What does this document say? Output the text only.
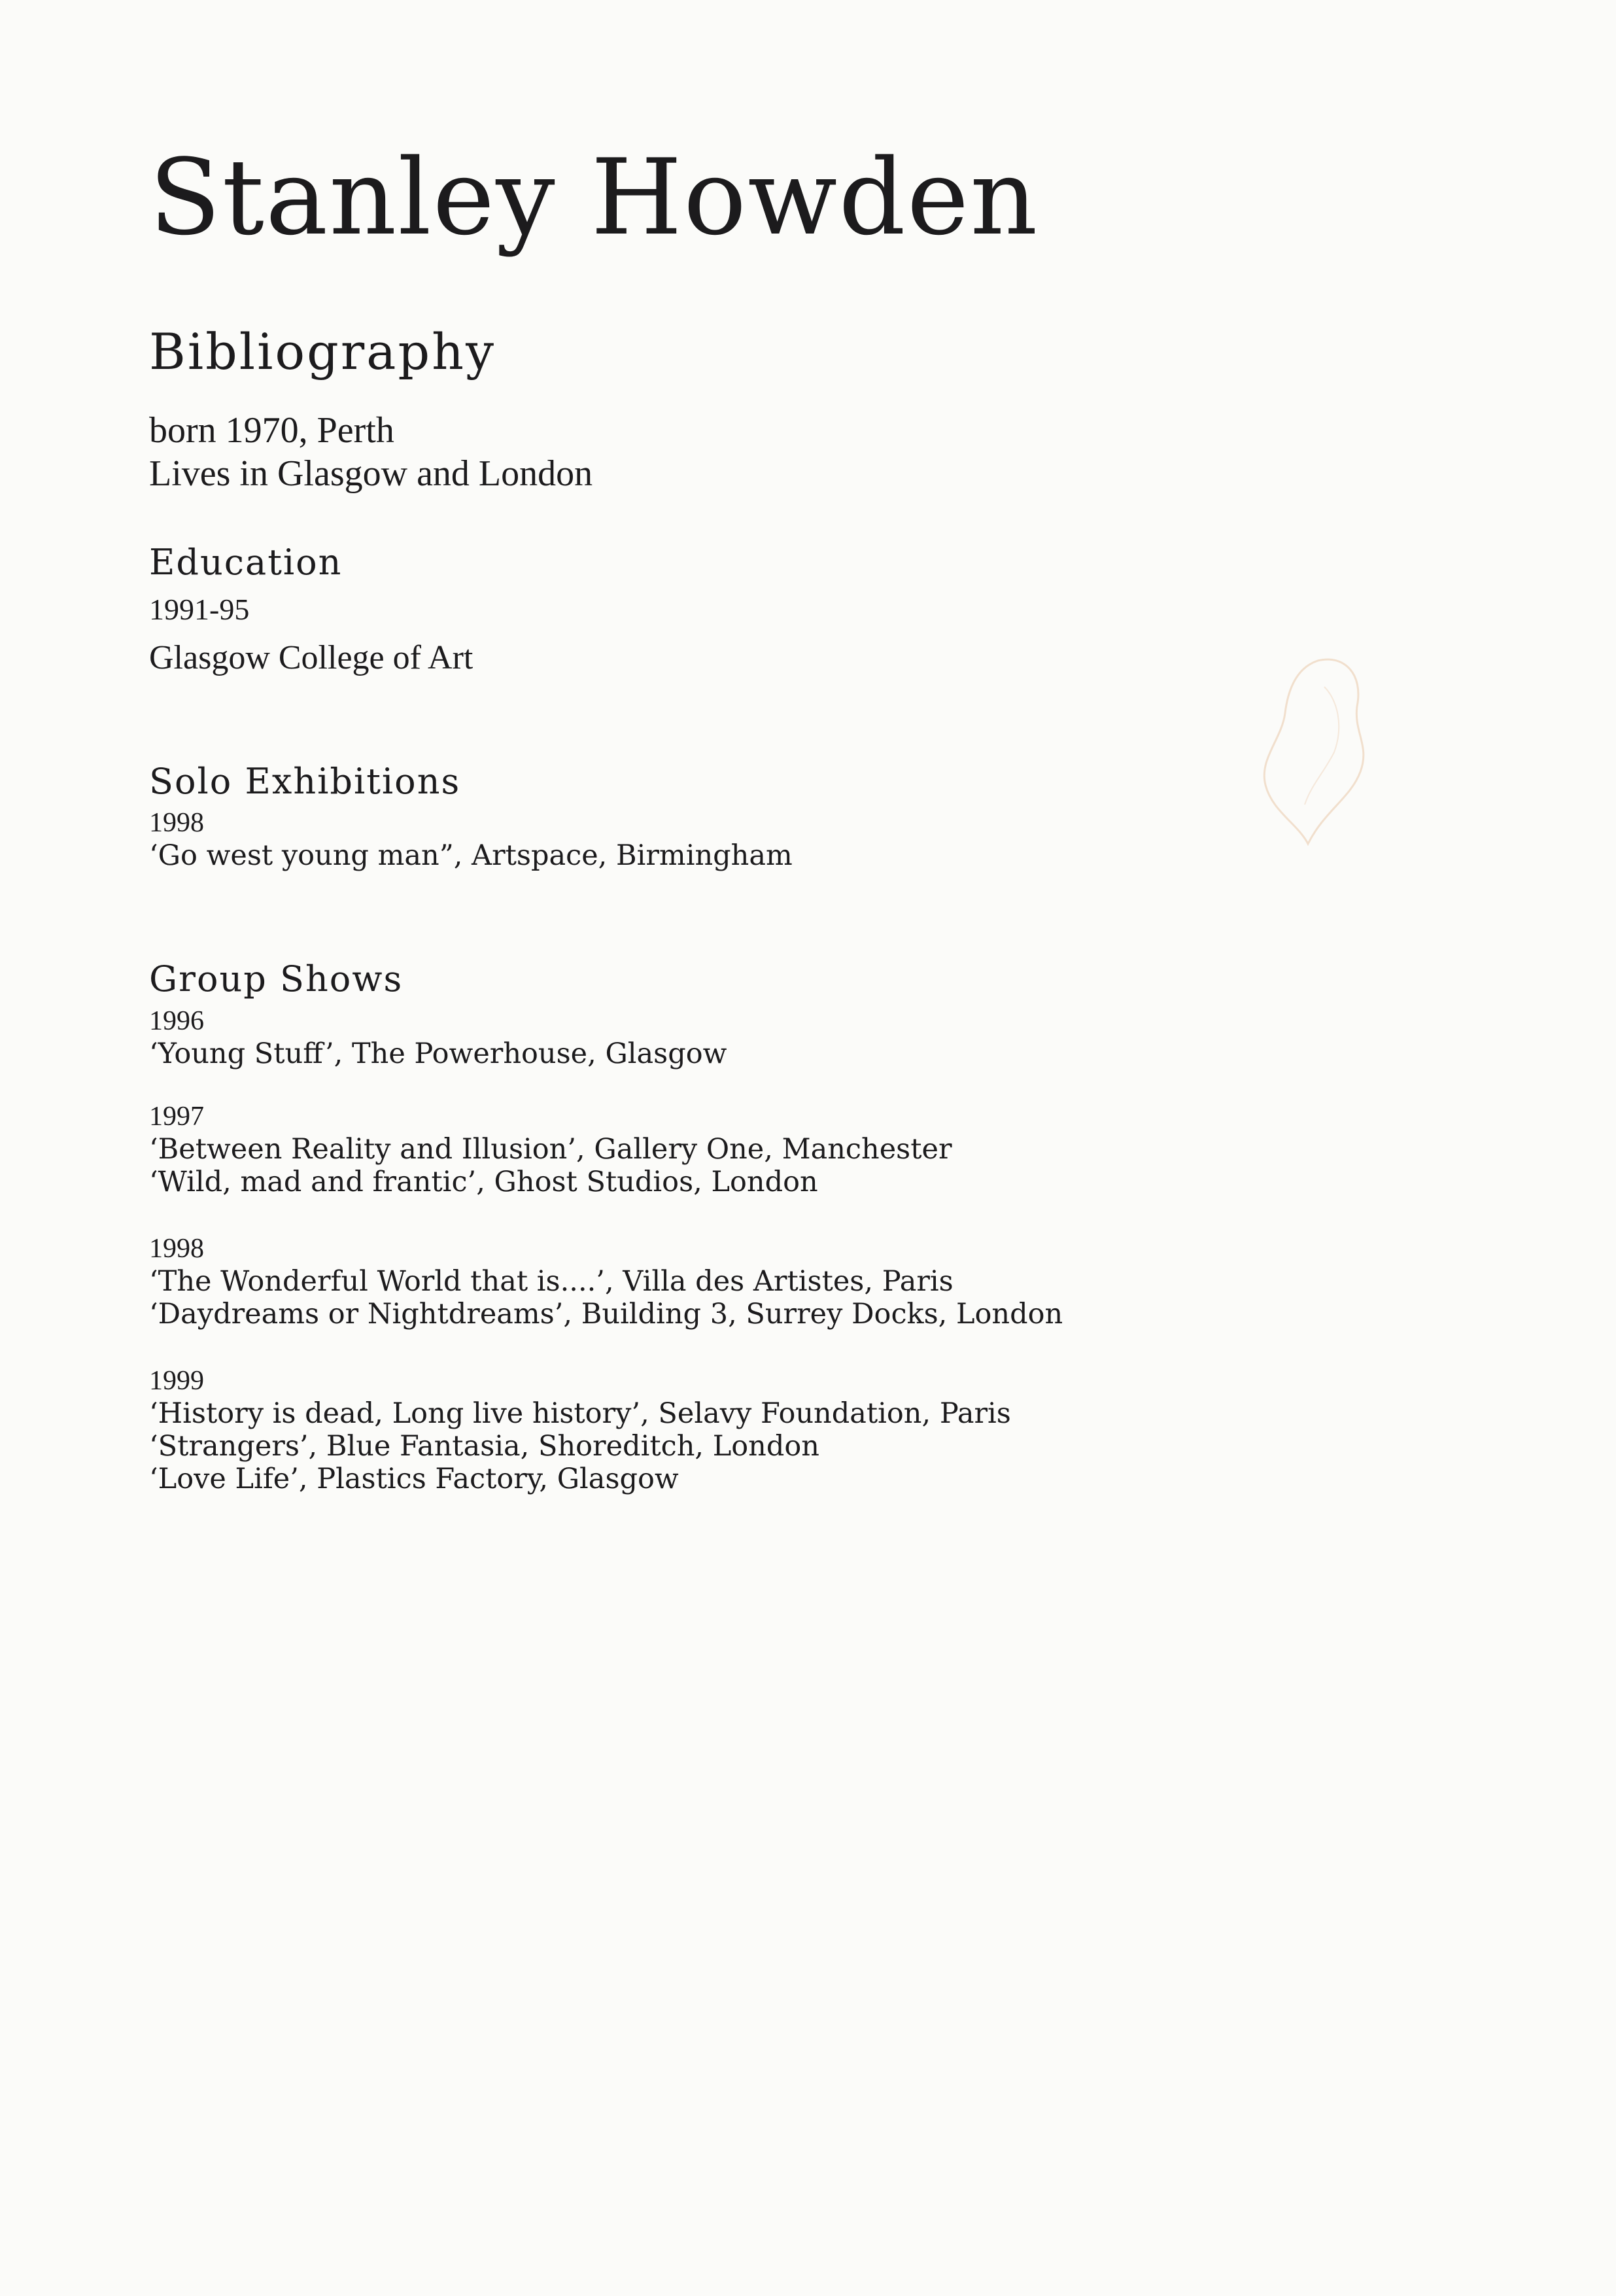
Stanley Howden
Bibliography
born 1970, Perth
Lives in Glasgow and London
Education
1991-95
Glasgow College of Art
Solo Exhibitions
1998
‘Go west young man”, Artspace, Birmingham
Group Shows
1996
‘Young Stuff’, The Powerhouse, Glasgow
1997
‘Between Reality and Illusion’, Gallery One, Manchester
‘Wild, mad and frantic’, Ghost Studios, London
1998
‘The Wonderful World that is....’, Villa des Artistes, Paris
‘Daydreams or Nightdreams’, Building 3, Surrey Docks, London
1999
‘History is dead, Long live history’, Selavy Foundation, Paris
‘Strangers’, Blue Fantasia, Shoreditch, London
‘Love Life’, Plastics Factory, Glasgow
